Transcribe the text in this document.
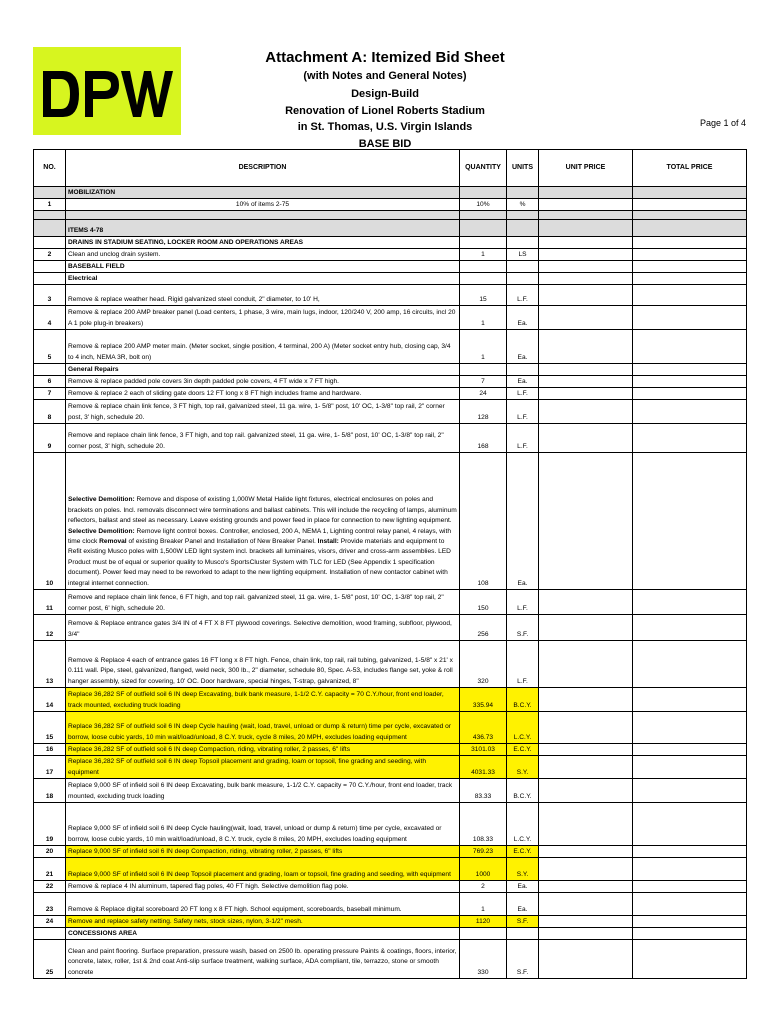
Attachment A: Itemized Bid Sheet
(with Notes and General Notes)
Design-Build
Renovation of Lionel Roberts Stadium
in St. Thomas, U.S. Virgin Islands
BASE BID
Page 1 of 4
NO.	DESCRIPTION	QUANTITY	UNITS	UNIT PRICE	TOTAL PRICE
	MOBILIZATION				
1	10% of items 2-75	10%	%		

	ITEMS 4-78				
	DRAINS IN STADIUM SEATING, LOCKER ROOM AND OPERATIONS AREAS				
2	Clean and unclog drain system.	1	LS		
	BASEBALL FIELD				
	Electrical				
3	Remove & replace weather head. Rigid galvanized steel conduit, 2" diameter, to 10' H,	15	L.F.		
4	Remove & replace 200 AMP breaker panel (Load centers, 1 phase, 3 wire, main lugs, indoor, 120/240 V, 200 amp, 16 circuits, incl 20 A 1 pole plug-in breakers)	1	Ea.		
5	Remove & replace 200 AMP meter main. (Meter socket, single position, 4 terminal, 200 A) (Meter socket entry hub, closing cap, 3/4 to 4 inch, NEMA 3R, bolt on)	1	Ea.		
	General Repairs				
6	Remove & replace padded pole covers 3in depth padded pole covers, 4 FT wide x 7 FT high.	7	Ea.		
7	Remove & replace 2 each of sliding gate doors 12 FT long x 8 FT high includes frame and hardware.	24	L.F.		
8	Remove & replace chain link fence, 3 FT high, top rail, galvanized steel, 11 ga. wire, 1- 5/8" post, 10' OC, 1-3/8" top rail, 2" corner post, 3' high, schedule 20.	128	L.F.		
9	Remove and replace chain link fence, 3 FT high, and top rail. galvanized steel, 11 ga. wire, 1- 5/8" post, 10' OC, 1-3/8" top rail, 2" corner post, 3' high, schedule 20.	168	L.F.		
10	Selective Demolition: Remove and dispose of existing 1,000W Metal Halide light fixtures, electrical enclosures on poles and brackets on poles. Incl. removals disconnect wire terminations and ballast cabinets. This will include the recycling of lamps, aluminum reflectors, ballast and steel as necessary. Leave existing grounds and power feed in place for connection to new lighting equipment. Selective Demolition: Remove light control boxes. Controller, enclosed, 200 A, NEMA 1, Lighting control relay panel, 4 relays, with time clock Removal of existing Breaker Panel and Installation of New Breaker Panel. Install: Provide materials and equipment to Refit existing Musco poles with 1,500W LED light system incl. brackets all luminaires, visors, driver and cross-arm assemblies. LED Product must be of equal or superior quality to Musco's SportsCluster System with TLC for LED (See Appendix 1 specification document). Power feed may need to be reworked to adapt to the new lighting equipment. Installation of new contactor cabinet with integral internet connection.	108	Ea.		
11	Remove and replace chain link fence, 6 FT high, and top rail. galvanized steel, 11 ga. wire, 1- 5/8" post, 10' OC, 1-3/8" top rail, 2" corner post, 6' high, schedule 20.	150	L.F.		
12	Remove & Replace entrance gates 3/4 IN of 4 FT X 8 FT plywood coverings. Selective demolition, wood framing, subfloor, plywood, 3/4"	256	S.F.		
13	Remove & Replace 4 each of entrance gates 16 FT long x 8 FT high. Fence, chain link, top rail, rail tubing, galvanized, 1-5/8" x 21' x 0.111 wall. Pipe, steel, galvanized, flanged, weld neck, 300 lb., 2" diameter, schedule 80, Spec. A-53, includes flange set, yoke & roll hanger assembly, sized for covering, 10' OC. Door hardware, special hinges, T-strap, galvanized, 8"	320	L.F.		
14	Replace 36,282 SF of outfield soil 6 IN deep Excavating, bulk bank measure, 1-1/2 C.Y. capacity = 70 C.Y./hour, front end loader, track mounted, excluding truck loading	335.94	B.C.Y.		
15	Replace 36,282 SF of outfield soil 6 IN deep Cycle hauling (wait, load, travel, unload or dump & return) time per cycle, excavated or borrow, loose cubic yards, 10 min wait/load/unload, 8 C.Y. truck, cycle 8 miles, 20 MPH, excludes loading equipment	436.73	L.C.Y.		
16	Replace 36,282 SF of outfield soil 6 IN deep Compaction, riding, vibrating roller, 2 passes, 6" lifts	3101.03	E.C.Y.		
17	Replace 36,282 SF of outfield soil 6 IN deep Topsoil placement and grading, loam or topsoil, fine grading and seeding, with equipment	4031.33	S.Y.		
18	Replace 9,000 SF of infield soil 6 IN deep Excavating, bulk bank measure, 1-1/2 C.Y. capacity = 70 C.Y./hour, front end loader, track mounted, excluding truck loading	83.33	B.C.Y.		
19	Replace 9,000 SF of infield soil 6 IN deep Cycle hauling(wait, load, travel, unload or dump & return) time per cycle, excavated or borrow, loose cubic yards, 10 min wait/load/unload, 8 C.Y. truck, cycle 8 miles, 20 MPH, excludes loading equipment	108.33	L.C.Y.		
20	Replace 9,000 SF of infield soil 6 IN deep Compaction, riding, vibrating roller, 2 passes, 6" lifts	769.23	E.C.Y.		
21	Replace 9,000 SF of infield soil 6 IN deep Topsoil placement and grading, loam or topsoil, fine grading and seeding, with equipment	1000	S.Y.		
22	Remove & replace 4 IN aluminum, tapered flag poles, 40 FT high. Selective demolition flag pole.	2	Ea.		
23	Remove & Replace digital scoreboard 20 FT long x 8 FT high. School equipment, scoreboards, baseball minimum.	1	Ea.		
24	Remove and replace safety netting. Safety nets, stock sizes, nylon, 3-1/2" mesh.	1120	S.F.		
	CONCESSIONS AREA				
25	Clean and paint flooring. Surface preparation, pressure wash, based on 2500 lb. operating pressure Paints & coatings, floors, interior, concrete, latex, roller, 1st & 2nd coat Anti-slip surface treatment, walking surface, ADA compliant, tile, terrazzo, stone or smooth concrete	330	S.F.		
